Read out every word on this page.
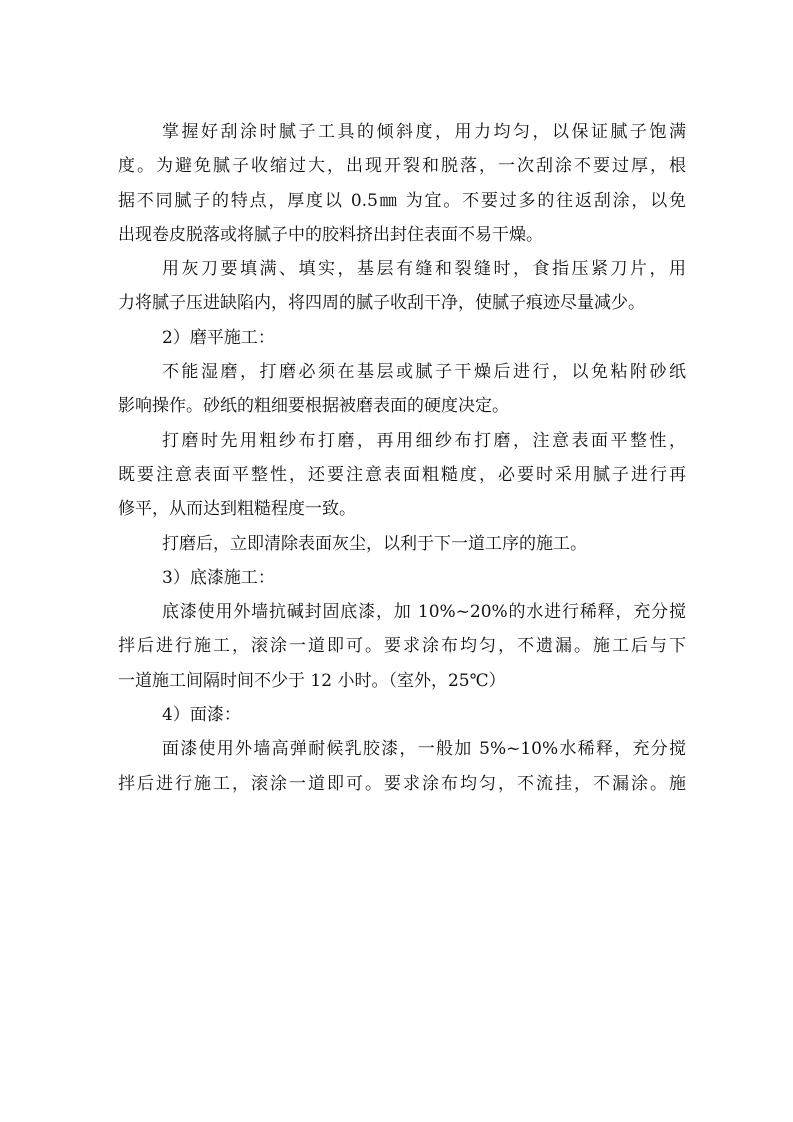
掌握好刮涂时腻子工具的倾斜度，用力均匀，以保证腻子饱满
度。为避免腻子收缩过大，出现开裂和脱落，一次刮涂不要过厚，根
据不同腻子的特点，厚度以 0.5㎜ 为宜。不要过多的往返刮涂，以免
出现卷皮脱落或将腻子中的胶料挤出封住表面不易干燥。
用灰刀要填满、填实，基层有缝和裂缝时，食指压紧刀片，用
力将腻子压进缺陷内，将四周的腻子收刮干净，使腻子痕迹尽量减少。
2）磨平施工：
不能湿磨，打磨必须在基层或腻子干燥后进行，以免粘附砂纸
影响操作。砂纸的粗细要根据被磨表面的硬度决定。
打磨时先用粗纱布打磨，再用细纱布打磨，注意表面平整性，
既要注意表面平整性，还要注意表面粗糙度，必要时采用腻子进行再
修平，从而达到粗糙程度一致。
打磨后，立即清除表面灰尘，以利于下一道工序的施工。
3）底漆施工：
底漆使用外墙抗碱封固底漆，加 10%~20%的水进行稀释，充分搅
拌后进行施工，滚涂一道即可。要求涂布均匀，不遗漏。施工后与下
一道施工间隔时间不少于 12 小时。（室外，25℃）
4）面漆：
面漆使用外墙高弹耐候乳胶漆，一般加 5%~10%水稀释，充分搅
拌后进行施工，滚涂一道即可。要求涂布均匀，不流挂，不漏涂。施
